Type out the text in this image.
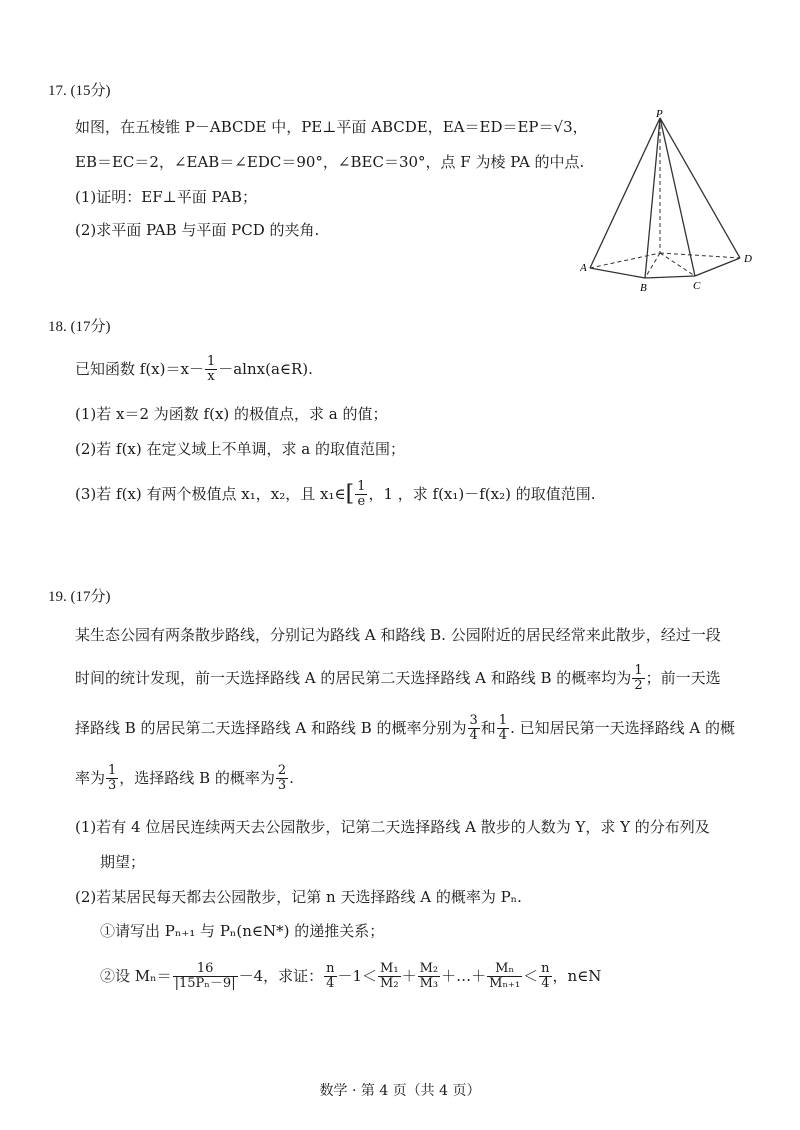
17. (15分)
如图，在五棱锥 P－ABCDE 中，PE⊥平面 ABCDE，EA＝ED＝EP＝√3，
EB＝EC＝2，∠EAB＝∠EDC＝90°，∠BEC＝30°，点 F 为棱 PA 的中点.
(1)证明：EF⊥平面 PAB；
(2)求平面 PAB 与平面 PCD 的夹角.
P
A
B	C
D
18. (17分)
已知函数 $f(x)=x- \frac{1}{x}$ －alnx(a∈R).
(1)若 x＝2 为函数 f(x) 的极值点，求 a 的值；
(2)若 f(x) 在定义域上不单调，求 a 的取值范围；
(3)若 f(x) 有两个极值点 x₁，x₂，且 x₁∈[ $\frac{1}{e}$ ，1 ，求 f(x₁)－f(x₂) 的取值范围.
19. (17分)
某生态公园有两条散步路线，分别记为路线 A 和路线 B. 公园附近的居民经常来此散步，经过一段
时间的统计发现，前一天选择路线 A 的居民第二天选择路线 A 和路线 B 的概率均为 $\frac{1}{2}$ ；前一天选
择路线 B 的居民第二天选择路线 A 和路线 B 的概率分别为 $\frac{3}{4}$ 和 $\frac{1}{4}$ . 已知居民第一天选择路线 A 的概
率为 $\frac{1}{3}$ ，选择路线 B 的概率为 $\frac{2}{3}$ .
(1)若有 4 位居民连续两天去公园散步，记第二天选择路线 A 散步的人数为 Y，求 Y 的分布列及
期望；
(2)若某居民每天都去公园散步，记第 n 天选择路线 A 的概率为 Pₙ.
①请写出 Pₙ₊₁ 与 Pₙ(n∈N*) 的递推关系；
②设 $M_n= \frac{16}{\text{|15Pₙ－9|}} -4$，求证： $\frac{n}{4} -1< \frac{\text{M₁}}{\text{M₂}} + \frac{\text{M₂}}{\text{M₃}}$ ＋…＋ $\frac{\text{Mₙ}}{\text{Mₙ₊₁}} < \frac{n}{4}$ ，n∈N
数学 · 第 4 页（共 4 页）
